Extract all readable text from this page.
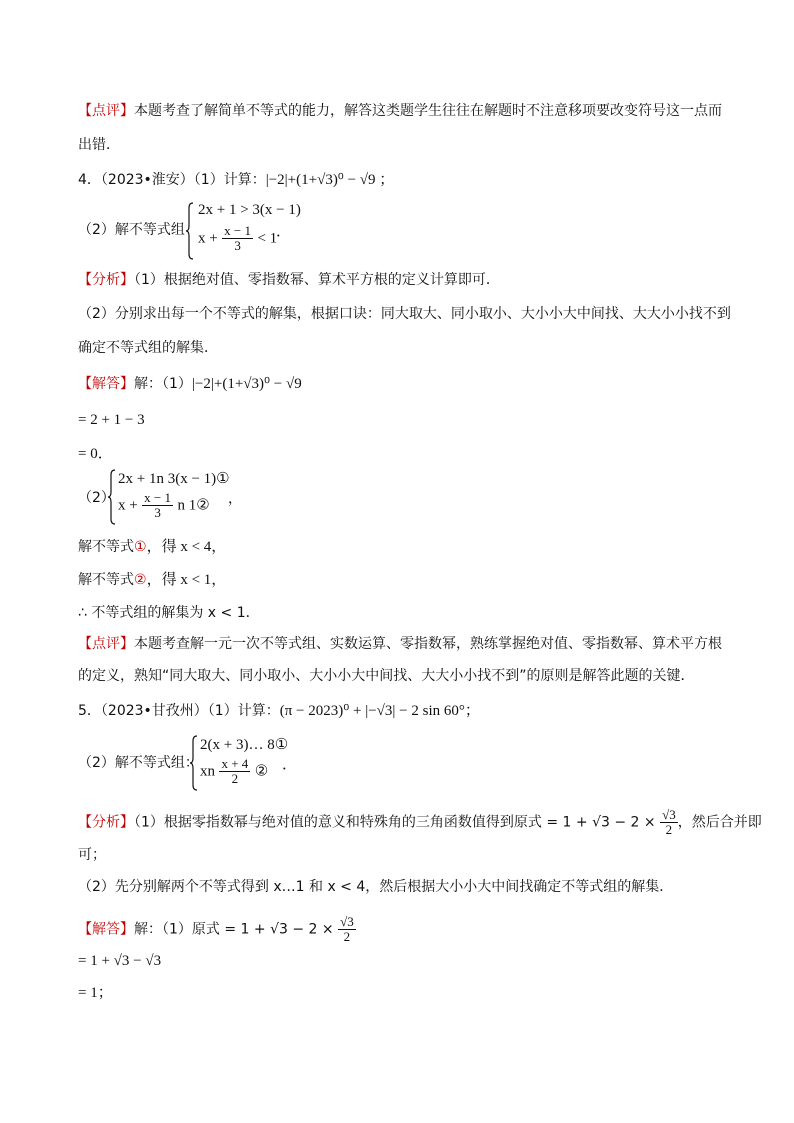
【点评】本题考查了解简单不等式的能力，解答这类题学生往往在解题时不注意移项要改变符号这一点而
出错．
4．（2023•淮安）（1）计算：|−2|+(1+√3)⁰ − √9 ；
（2）解不等式组
2x + 1 > 3(x − 1)
$x + \frac{x - 1}{3} < 1$
．
【分析】（1）根据绝对值、零指数幂、算术平方根的定义计算即可．
（2）分别求出每一个不等式的解集，根据口诀：同大取大、同小取小、大小小大中间找、大大小小找不到
确定不等式组的解集．
【解答】解：（1）|−2|+(1+√3)⁰ − √9
= 2 + 1 − 3
= 0．
（2）
2x + 1n 3(x − 1)①
$x + \frac{x - 1}{3}$ n 1② ，
解不等式①，得 x < 4，
解不等式②，得 x < 1，
∴ 不等式组的解集为 x < 1．
【点评】本题考查解一元一次不等式组、实数运算、零指数幂，熟练掌握绝对值、零指数幂、算术平方根
的定义，熟知“同大取大、同小取小、大小小大中间找、大大小小找不到”的原则是解答此题的关键．
5．（2023•甘孜州）（1）计算：(π − 2023)⁰ + |−√3| − 2 sin 60°；
（2）解不等式组：
2(x + 3)… 8①
xn $\frac{x + 4}{2}$ ② ．
【分析】（1）根据零指数幂与绝对值的意义和特殊角的三角函数值得到原式 = $1 + √3 - 2 \times \frac{√3}{2}$ ，然后合并即
可；
（2）先分别解两个不等式得到 x…1 和 x < 4，然后根据大小小大中间找确定不等式组的解集．
【解答】解：（1）原式 = $1 + √3 - 2 \times \frac{√3}{2}$
= 1 + √3 − √3
= 1；
